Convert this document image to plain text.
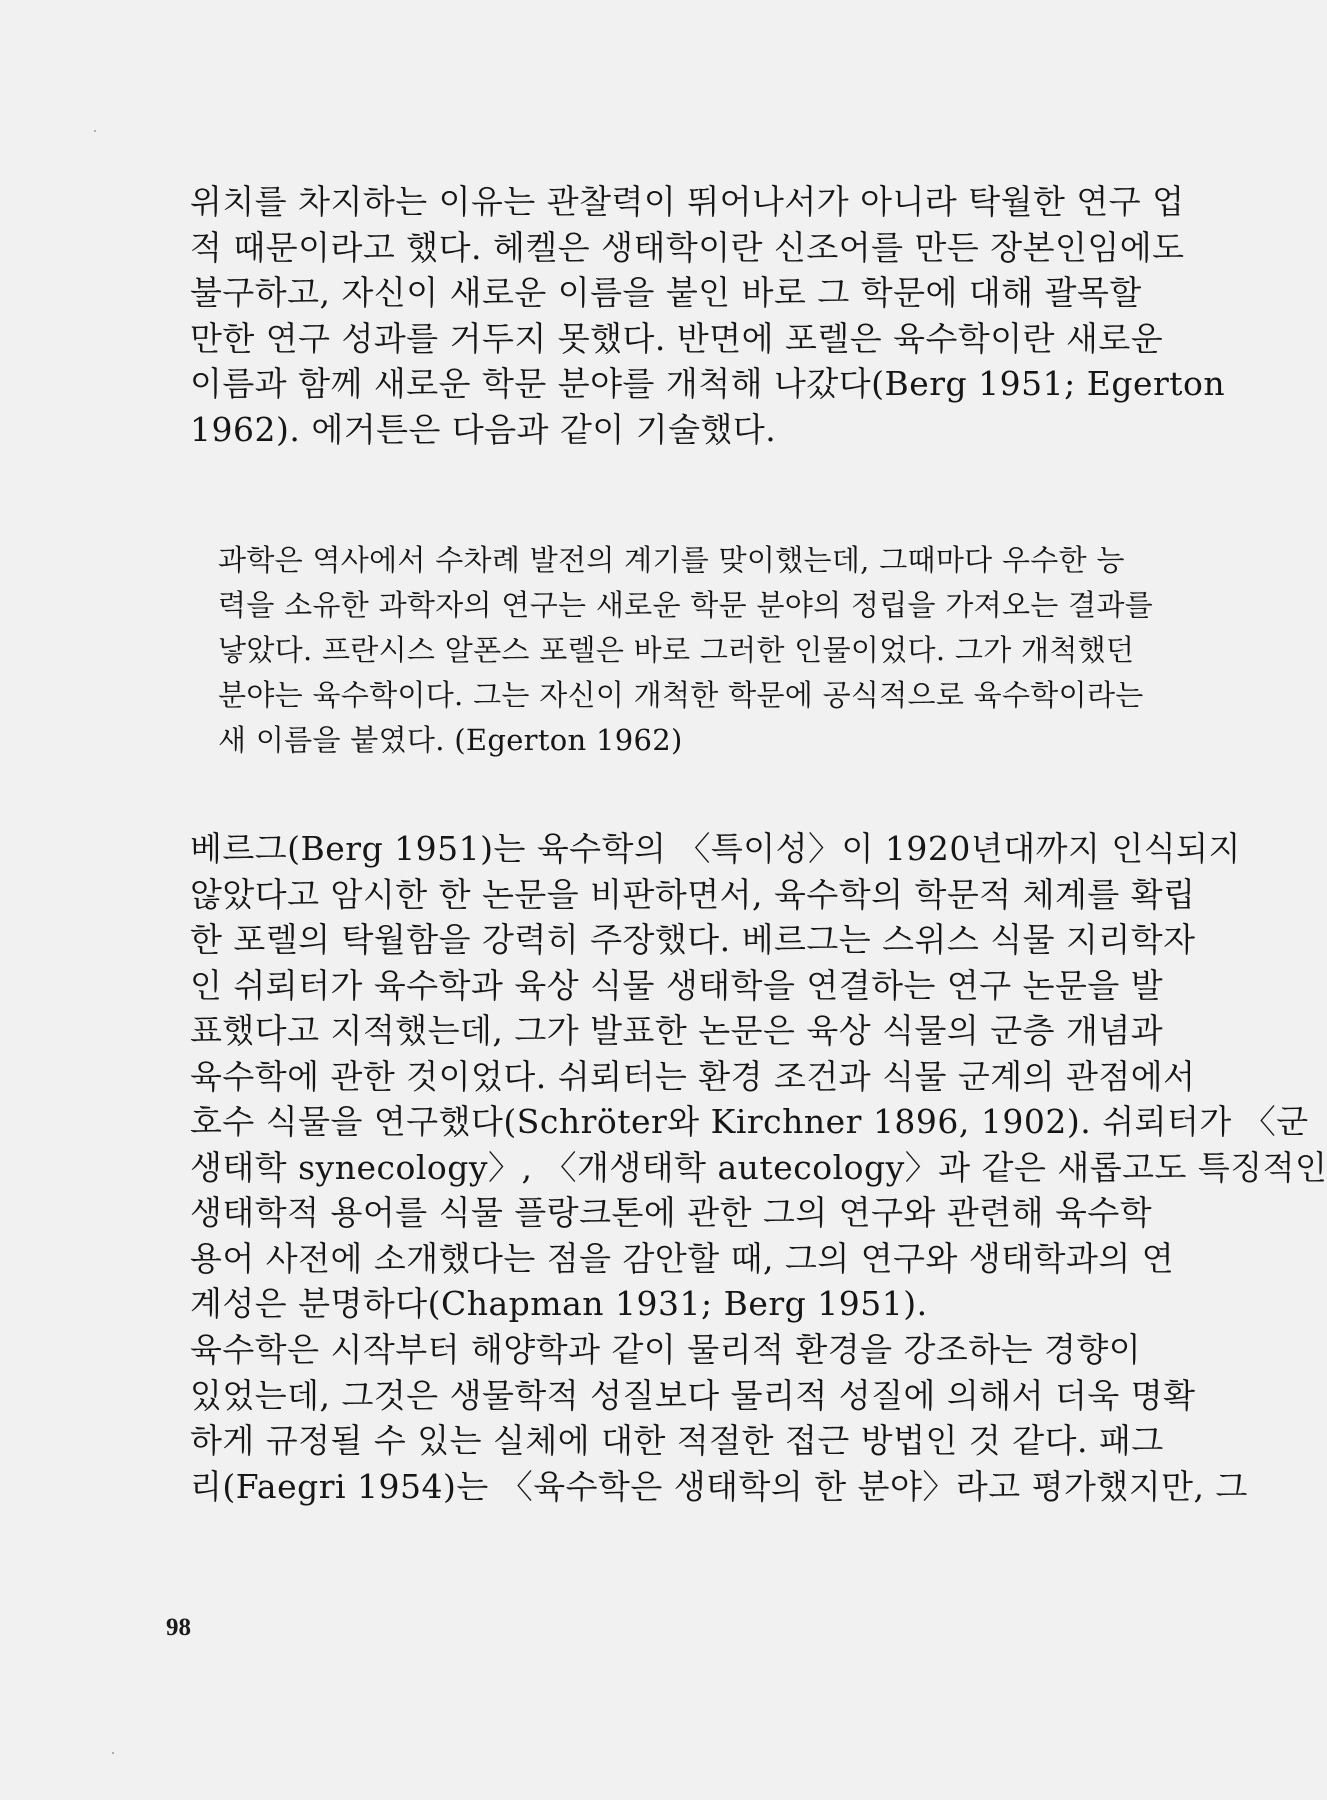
위치를 차지하는 이유는 관찰력이 뛰어나서가 아니라 탁월한 연구 업
적 때문이라고 했다. 헤켈은 생태학이란 신조어를 만든 장본인임에도
불구하고, 자신이 새로운 이름을 붙인 바로 그 학문에 대해 괄목할
만한 연구 성과를 거두지 못했다. 반면에 포렐은 육수학이란 새로운
이름과 함께 새로운 학문 분야를 개척해 나갔다(Berg 1951; Egerton
1962). 에거튼은 다음과 같이 기술했다.
과학은 역사에서 수차례 발전의 계기를 맞이했는데, 그때마다 우수한 능
력을 소유한 과학자의 연구는 새로운 학문 분야의 정립을 가져오는 결과를
낳았다. 프란시스 알폰스 포렐은 바로 그러한 인물이었다. 그가 개척했던
분야는 육수학이다. 그는 자신이 개척한 학문에 공식적으로 육수학이라는
새 이름을 붙였다. (Egerton 1962)
베르그(Berg 1951)는 육수학의 〈특이성〉이 1920년대까지 인식되지
않았다고 암시한 한 논문을 비판하면서, 육수학의 학문적 체계를 확립
한 포렐의 탁월함을 강력히 주장했다. 베르그는 스위스 식물 지리학자
인 쉬뢰터가 육수학과 육상 식물 생태학을 연결하는 연구 논문을 발
표했다고 지적했는데, 그가 발표한 논문은 육상 식물의 군층 개념과
육수학에 관한 것이었다. 쉬뢰터는 환경 조건과 식물 군계의 관점에서
호수 식물을 연구했다(Schröter와 Kirchner 1896, 1902). 쉬뢰터가 〈군
생태학 synecology〉, 〈개생태학 autecology〉과 같은 새롭고도 특징적인
생태학적 용어를 식물 플랑크톤에 관한 그의 연구와 관련해 육수학
용어 사전에 소개했다는 점을 감안할 때, 그의 연구와 생태학과의 연
계성은 분명하다(Chapman 1931; Berg 1951).
육수학은 시작부터 해양학과 같이 물리적 환경을 강조하는 경향이
있었는데, 그것은 생물학적 성질보다 물리적 성질에 의해서 더욱 명확
하게 규정될 수 있는 실체에 대한 적절한 접근 방법인 것 같다. 패그
리(Faegri 1954)는 〈육수학은 생태학의 한 분야〉라고 평가했지만, 그
98
